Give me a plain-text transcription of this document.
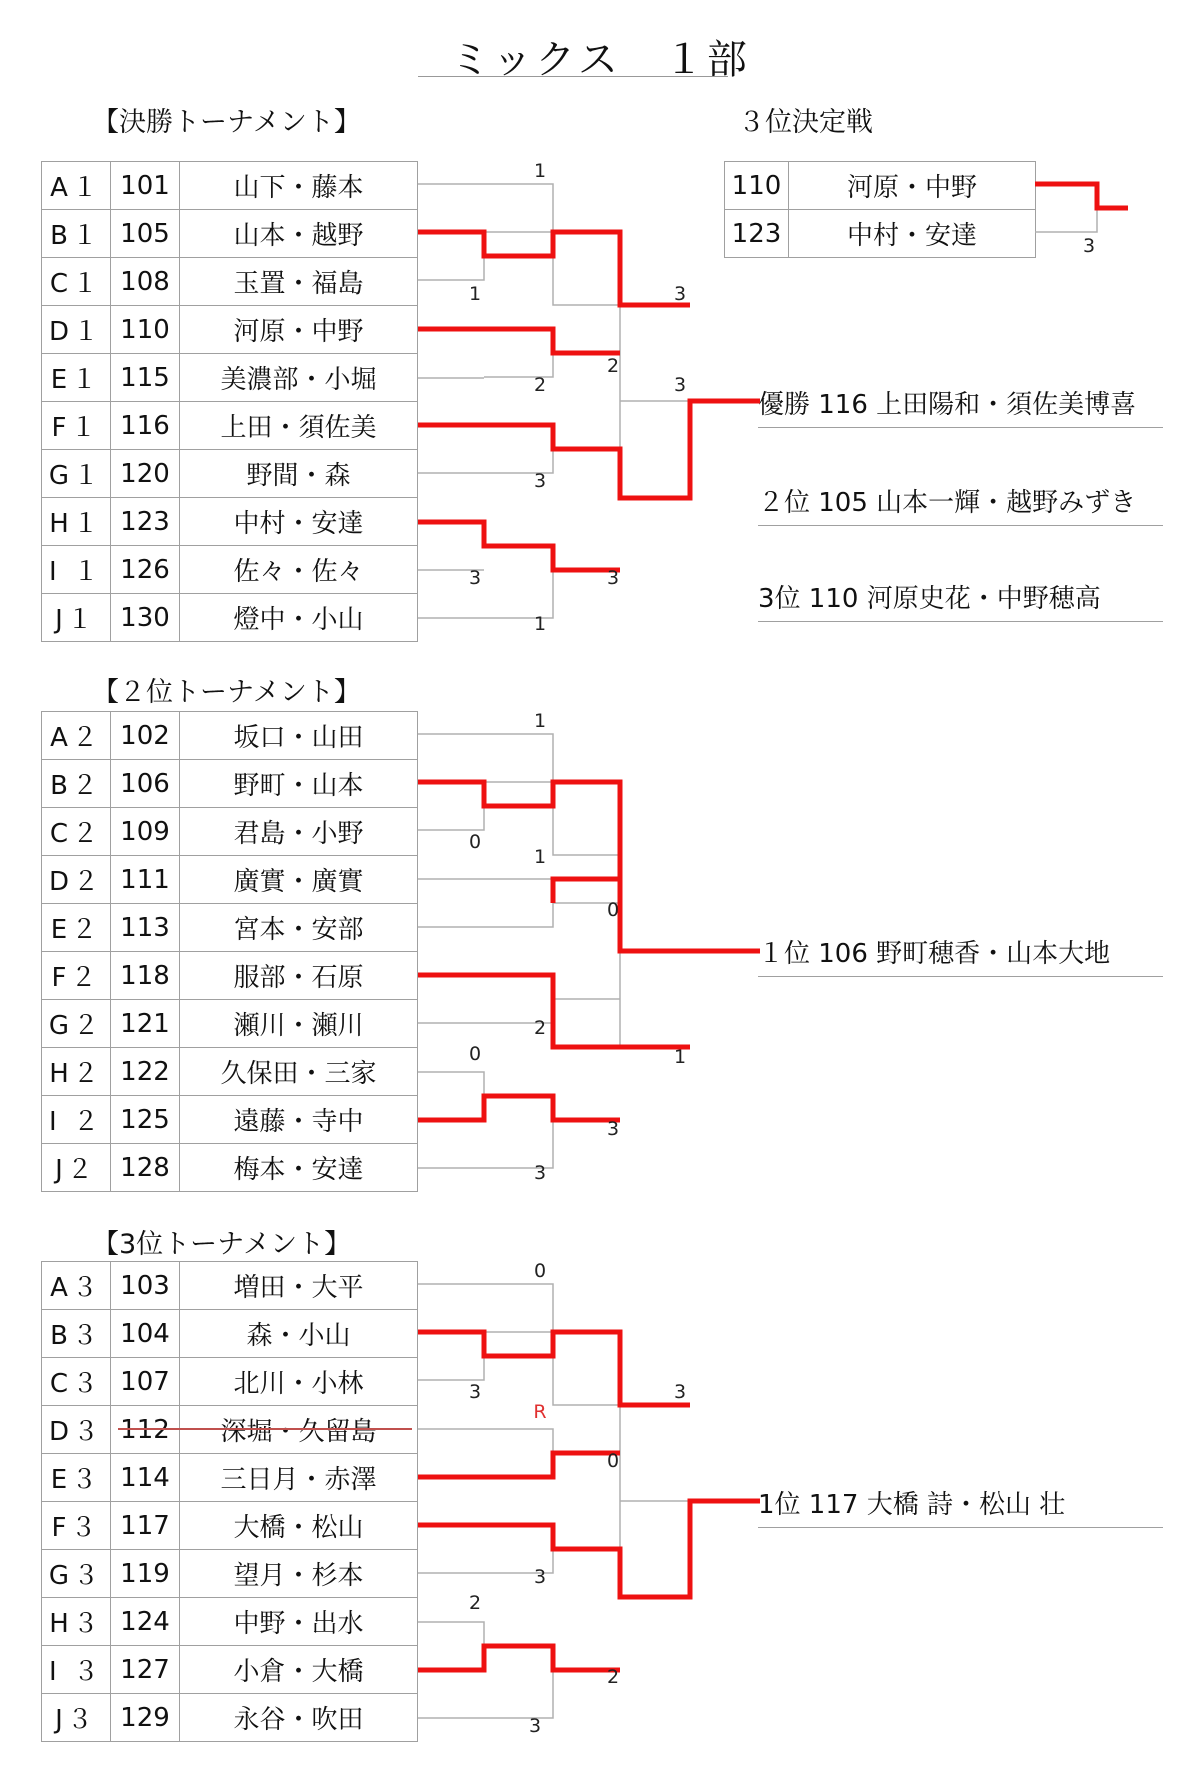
ミックス　１部
【決勝トーナメント】
A１	101	山下・藤本
B１	105	山本・越野
C１	108	玉置・福島
D１	110	河原・中野
E１	115	美濃部・小堀
F１	116	上田・須佐美
G１	120	野間・森
H１	123	中村・安達
I １	126	佐々・佐々
J１	130	燈中・小山
３位決定戦
110	河原・中野
123	中村・安達
【２位トーナメント】
A２	102	坂口・山田
B２	106	野町・山本
C２	109	君島・小野
D２	111	廣實・廣實
E２	113	宮本・安部
F２	118	服部・石原
G２	121	瀬川・瀬川
H２	122	久保田・三家
I ２	125	遠藤・寺中
J２	128	梅本・安達
【3位トーナメント】
A３	103	増田・大平
B３	104	森・小山
C３	107	北川・小林
D３	112	深堀・久留島
E３	114	三日月・赤澤
F３	117	大橋・松山
G３	119	望月・杉本
H３	124	中野・出水
I ３	127	小倉・大橋
J３	129	永谷・吹田
優勝 116 上田陽和・須佐美博喜
２位 105 山本一輝・越野みずき
3位 110 河原史花・中野穂高
１位 106 野町穂香・山本大地
1位 117 大橋 詩・松山 壮
1
1	3
2
2
3
3	3
1
3
1
0
1
0
2
1
0
3
3
0
3	3
R
0
3
2
2
3
3
